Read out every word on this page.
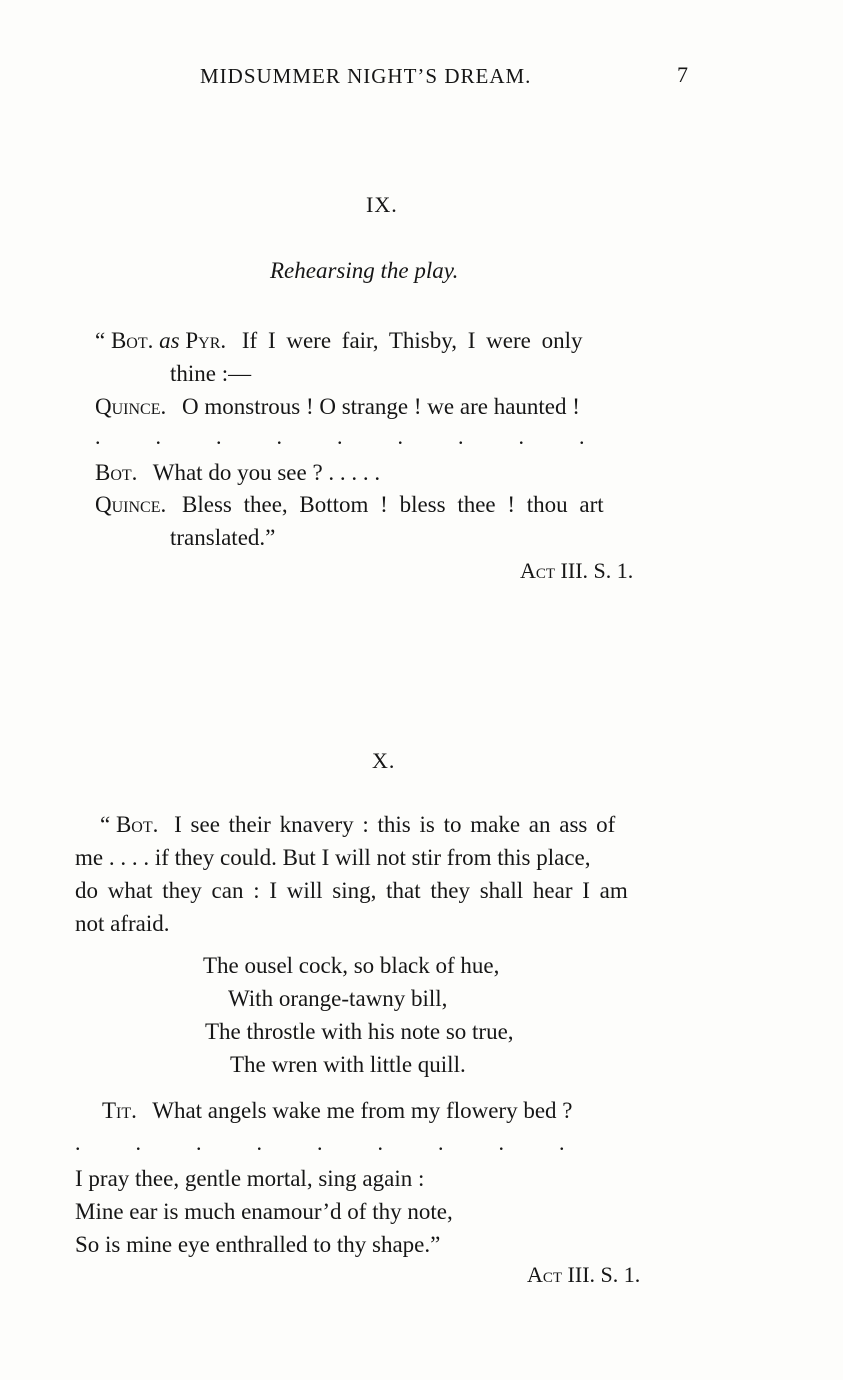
MIDSUMMER NIGHT’S DREAM.	7
IX.
Rehearsing the play.
“ Bot. as Pyr. If I were fair, Thisby, I were only
thine :—
Quince. O monstrous ! O strange ! we are haunted !
.          .          .          .          .          .          .          .          .
Bot. What do you see ? . . . . .
Quince. Bless thee, Bottom ! bless thee ! thou art
translated.”
Act III. S. 1.
X.
“ Bot. I see their knavery : this is to make an ass of
me . . . . if they could. But I will not stir from this place,
do what they can : I will sing, that they shall hear I am
not afraid.
The ousel cock, so black of hue,
With orange-tawny bill,
The throstle with his note so true,
The wren with little quill.
Tit. What angels wake me from my flowery bed ?
.          .          .          .          .          .          .          .          .
I pray thee, gentle mortal, sing again :
Mine ear is much enamour’d of thy note,
So is mine eye enthralled to thy shape.”
Act III. S. 1.
